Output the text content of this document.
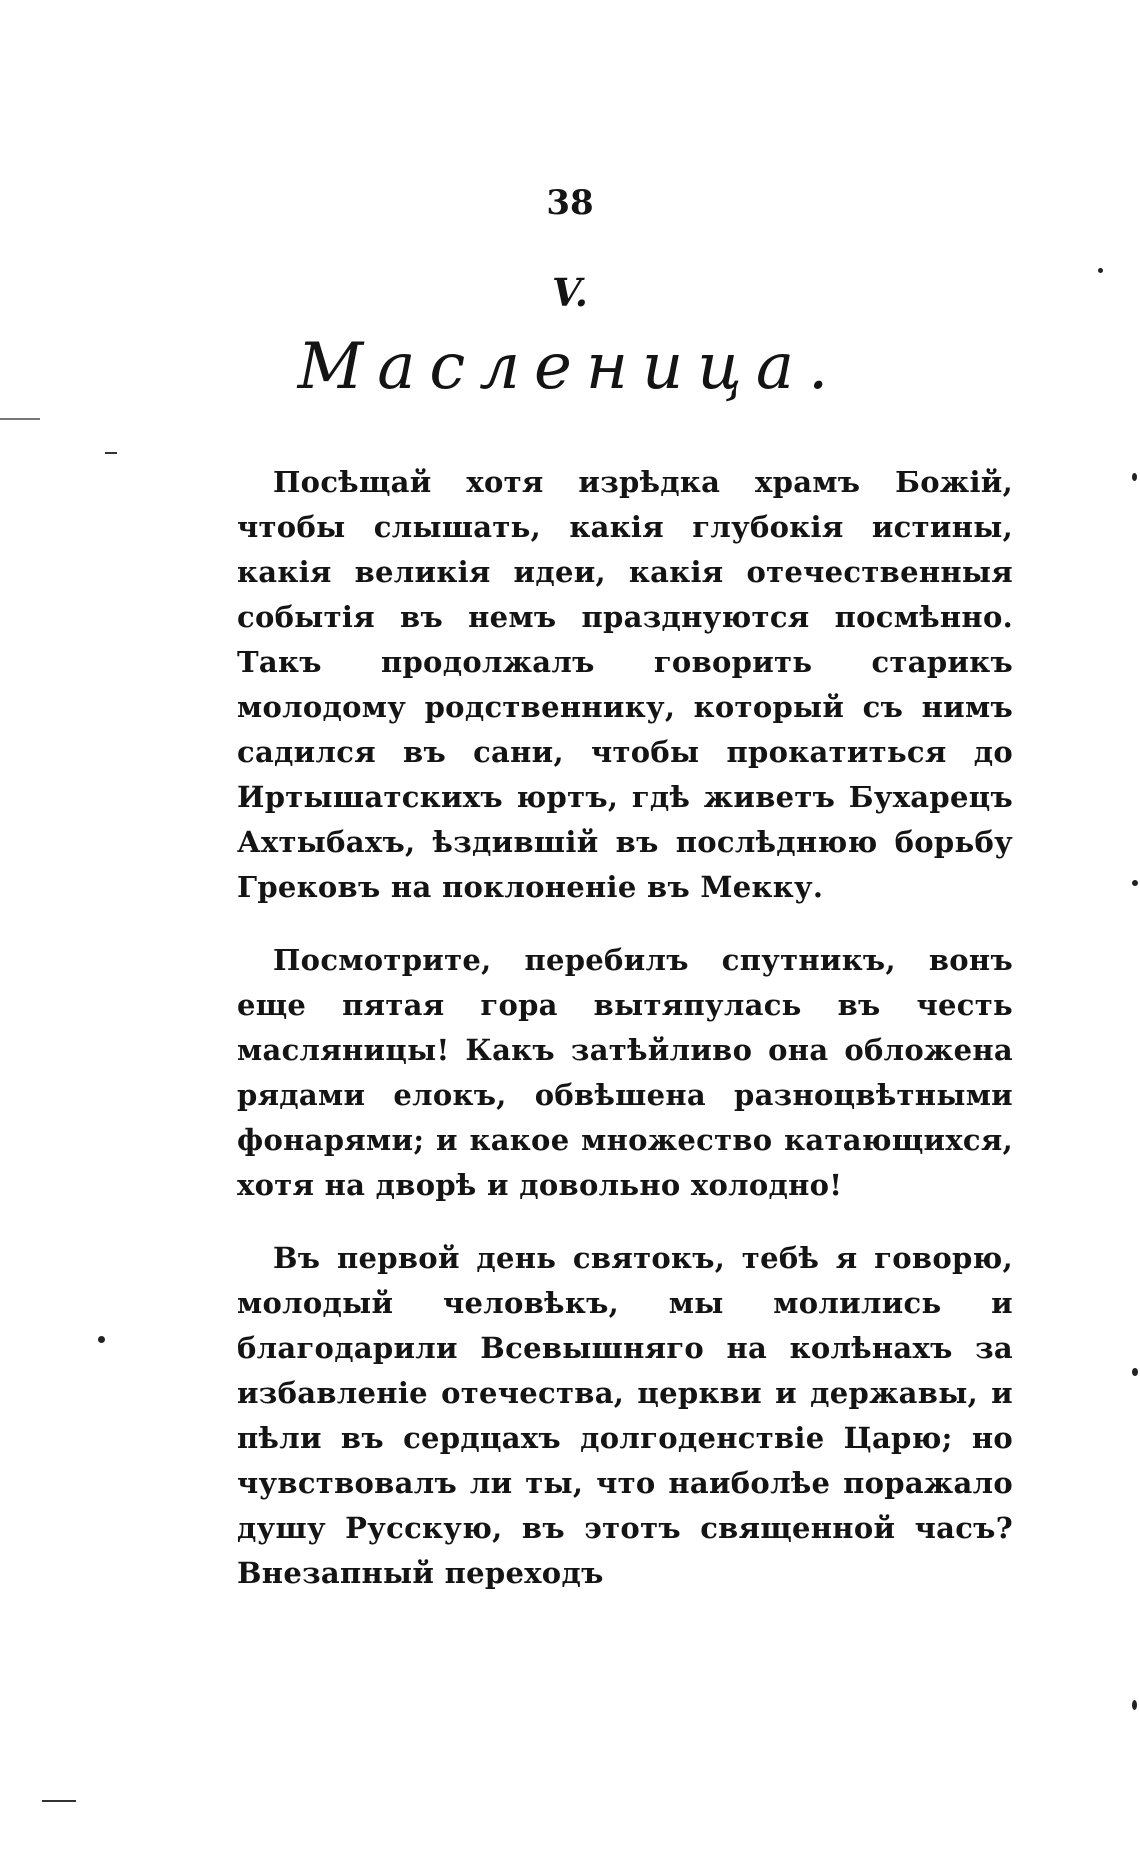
38
V.
Масленица.

Посѣщай хотя изрѣдка храмъ Божій, чтобы слышать, какія глубокія истины, какія великія идеи, какія отечественныя событія въ немъ празднуются посмѣнно. Такъ продолжалъ говорить старикъ молодому родственнику, который съ нимъ садился въ сани, чтобы прокатиться до Иртышатскихъ юртъ, гдѣ живетъ Бухарецъ Ахтыбахъ, ѣздившій въ послѣднюю борьбу Грековъ на поклоненіе въ Мекку.

Посмотрите, перебилъ спутникъ, вонъ еще пятая гора вытяпулась въ честь масляницы! Какъ затѣйливо она обложена рядами елокъ, обвѣшена разноцвѣтными фонарями; и какое множество катающихся, хотя на дворѣ и довольно холодно!

Въ первой день святокъ, тебѣ я говорю, молодый человѣкъ, мы молились и благодарили Всевышняго на колѣнахъ за избавленіе отечества, церкви и державы, и пѣли въ сердцахъ долгоденствіе Царю; но чувствовалъ ли ты, что наиболѣе поражало душу Русскую, въ этотъ священной часъ? Внезапный переходъ
